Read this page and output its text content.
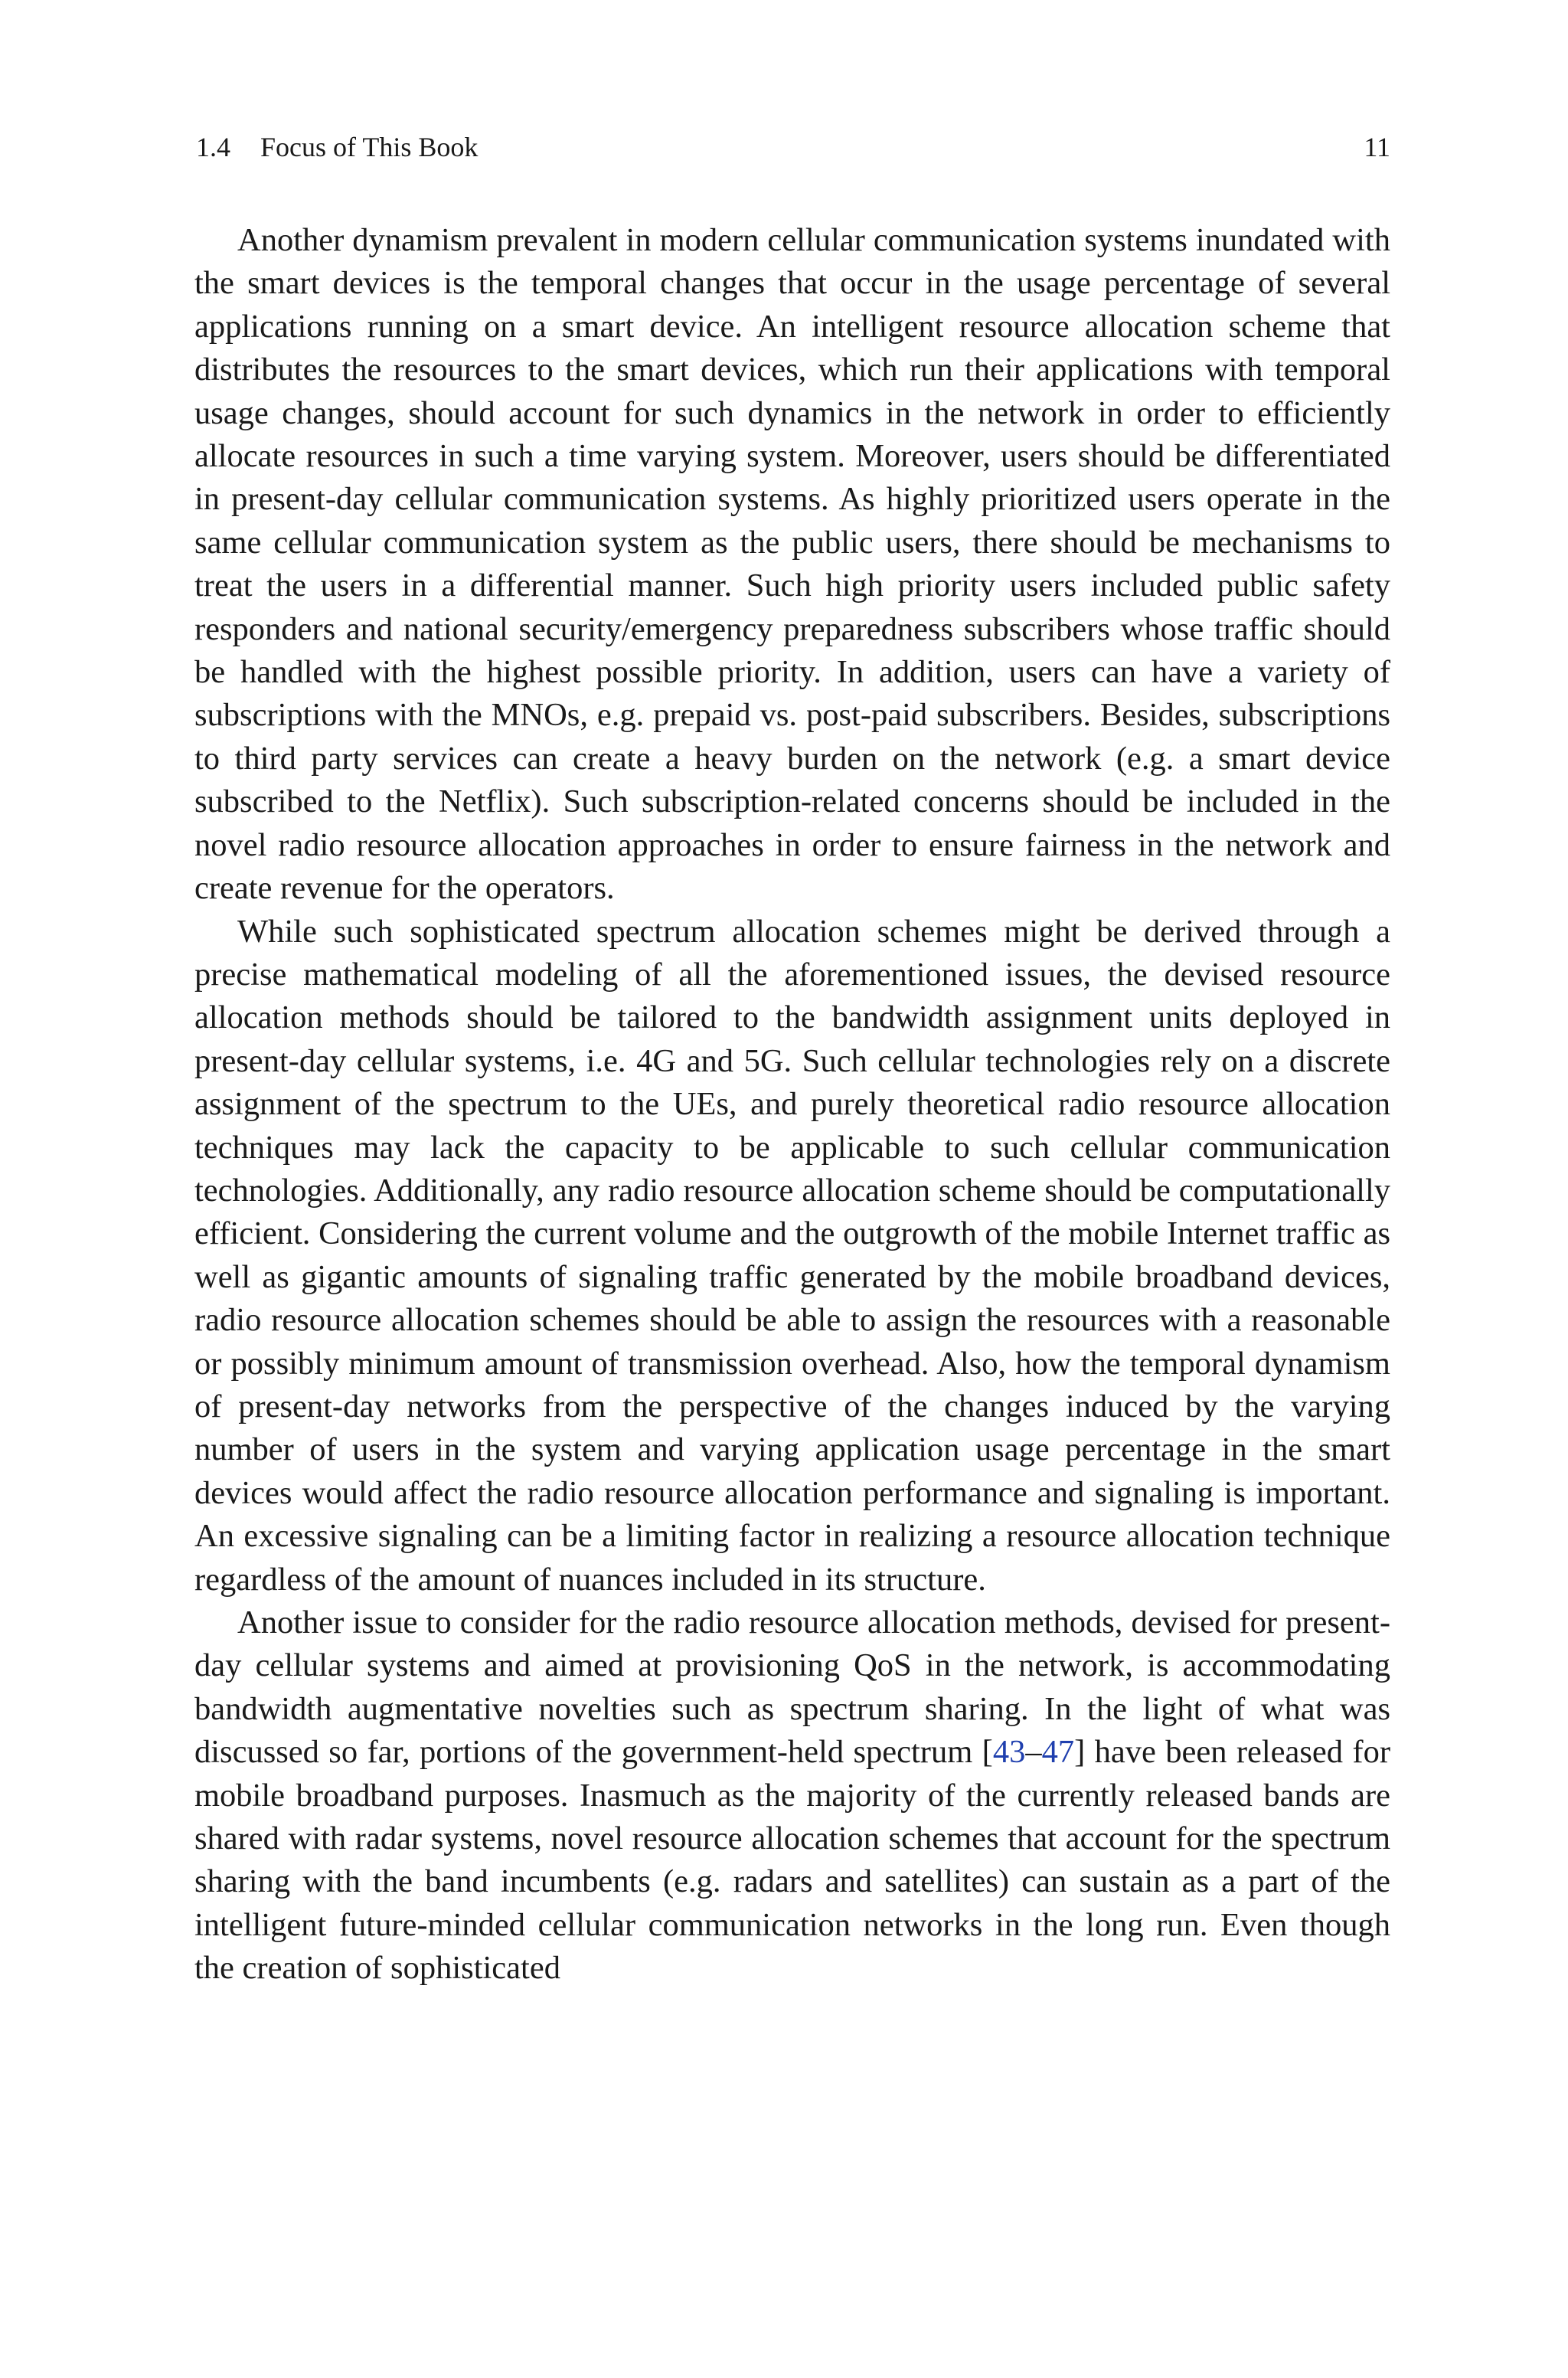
1.4 Focus of This Book	11

Another dynamism prevalent in modern cellular communication systems inundated with the smart devices is the temporal changes that occur in the usage percentage of several applications running on a smart device. An intelligent resource allocation scheme that distributes the resources to the smart devices, which run their applications with temporal usage changes, should account for such dynamics in the network in order to efficiently allocate resources in such a time varying system. Moreover, users should be differentiated in present-day cellular communication systems. As highly prioritized users operate in the same cellular communication system as the public users, there should be mechanisms to treat the users in a differential manner. Such high priority users included public safety responders and national security/emergency preparedness subscribers whose traffic should be handled with the highest possible priority. In addition, users can have a variety of subscriptions with the MNOs, e.g. prepaid vs. post-paid subscribers. Besides, subscriptions to third party services can create a heavy burden on the network (e.g. a smart device subscribed to the Netflix). Such subscription-related concerns should be included in the novel radio resource allocation approaches in order to ensure fairness in the network and create revenue for the operators.

While such sophisticated spectrum allocation schemes might be derived through a precise mathematical modeling of all the aforementioned issues, the devised resource allocation methods should be tailored to the bandwidth assignment units deployed in present-day cellular systems, i.e. 4G and 5G. Such cellular technologies rely on a discrete assignment of the spectrum to the UEs, and purely theoretical radio resource allocation techniques may lack the capacity to be applicable to such cellular communication technologies. Additionally, any radio resource allocation scheme should be computationally efficient. Considering the current volume and the outgrowth of the mobile Internet traffic as well as gigantic amounts of signaling traffic generated by the mobile broadband devices, radio resource allocation schemes should be able to assign the resources with a reasonable or possibly minimum amount of transmission overhead. Also, how the temporal dynamism of present-day networks from the perspective of the changes induced by the varying number of users in the system and varying application usage percentage in the smart devices would affect the radio resource allocation performance and signaling is important. An excessive signaling can be a limiting factor in realizing a resource allocation technique regardless of the amount of nuances included in its structure.

Another issue to consider for the radio resource allocation methods, devised for present-day cellular systems and aimed at provisioning QoS in the network, is accommodating bandwidth augmentative novelties such as spectrum sharing. In the light of what was discussed so far, portions of the government-held spectrum [43–47] have been released for mobile broadband purposes. Inasmuch as the majority of the currently released bands are shared with radar systems, novel resource allocation schemes that account for the spectrum sharing with the band incumbents (e.g. radars and satellites) can sustain as a part of the intelligent future-minded cellular communication networks in the long run. Even though the creation of sophisticated
